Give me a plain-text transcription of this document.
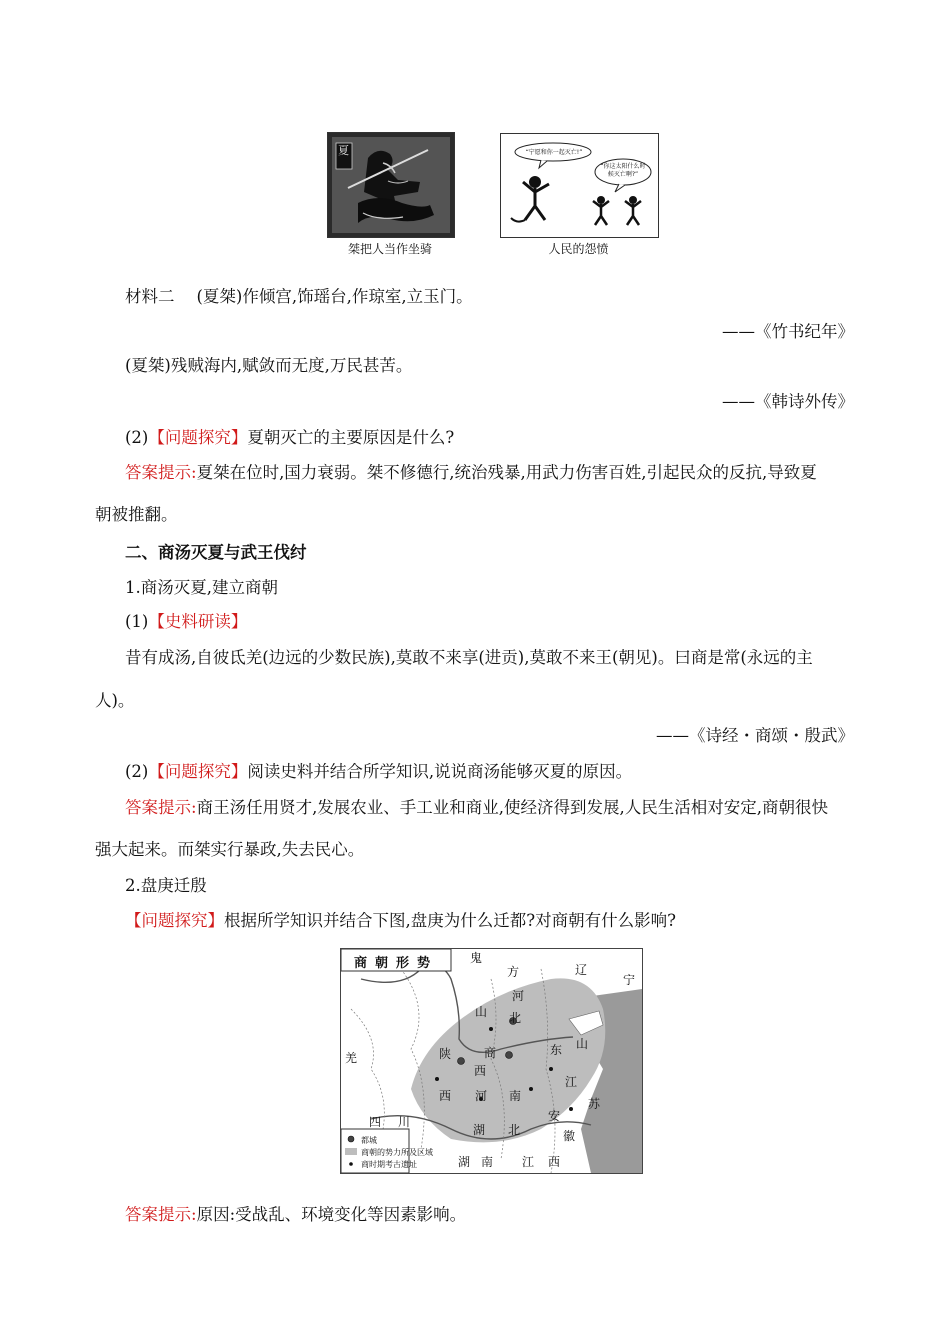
夏
桀把人当作坐骑
“宁愿和你一起灭亡!”
“你这太阳什么时候灭亡啊?”
人民的怨愤
材料二 (夏桀)作倾宫,饰瑶台,作琼室,立玉门。
——《竹书纪年》
(夏桀)残贼海内,赋敛而无度,万民甚苦。
——《韩诗外传》
(2)【问题探究】夏朝灭亡的主要原因是什么?
答案提示:夏桀在位时,国力衰弱。桀不修德行,统治残暴,用武力伤害百姓,引起民众的反抗,导致夏
朝被推翻。
二、商汤灭夏与武王伐纣
1.商汤灭夏,建立商朝
(1)【史料研读】
昔有成汤,自彼氐羌(边远的少数民族),莫敢不来享(进贡),莫敢不来王(朝见)。曰商是常(永远的主
人)。
——《诗经・商颂・殷武》
(2)【问题探究】阅读史料并结合所学知识,说说商汤能够灭夏的原因。
答案提示:商王汤任用贤才,发展农业、手工业和商业,使经济得到发展,人民生活相对安定,商朝很快
强大起来。而桀实行暴政,失去民心。
2.盘庚迁殷
【问题探究】根据所学知识并结合下图,盘庚为什么迁都?对商朝有什么影响?
商朝形势	鬼
方	辽
宁
河
山 北
商
羌	陕
西
东 山
西 河 南
江
苏
安
徽
四 川
湖 北
湖 南 江 西
都城
商朝的势力所及区域
商时期考古遗址
答案提示:原因:受战乱、环境变化等因素影响。
